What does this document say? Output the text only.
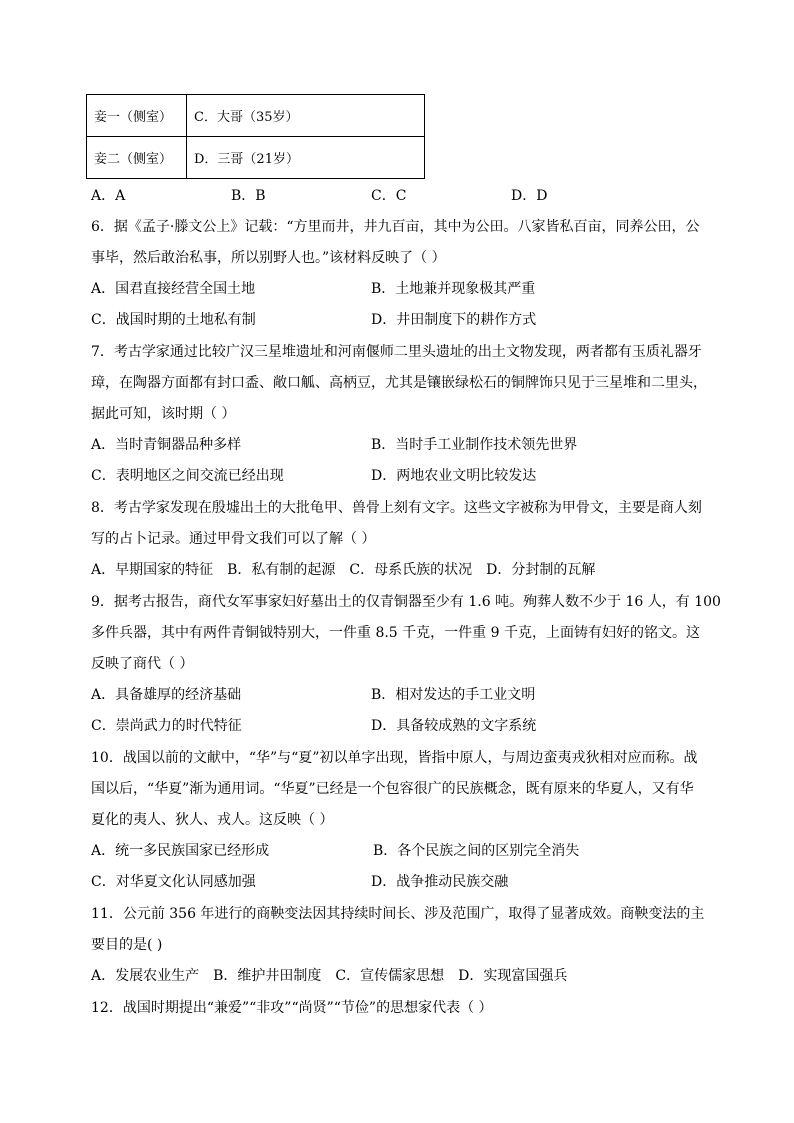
妾一（侧室）	C．大哥（35岁）
妾二（侧室）	D．三哥（21岁）
A．A	B．B	C．C	D．D
6．据《孟子·滕文公上》记载：“方里而井，井九百亩，其中为公田。八家皆私百亩，同养公田，公
事毕，然后敢治私事，所以别野人也。”该材料反映了（ ）
A．国君直接经营全国土地	B．土地兼并现象极其严重
C．战国时期的土地私有制	D．井田制度下的耕作方式
7．考古学家通过比较广汉三星堆遗址和河南偃师二里头遗址的出土文物发现，两者都有玉质礼器牙
璋，在陶器方面都有封口盉、敞口觚、高柄豆，尤其是镶嵌绿松石的铜牌饰只见于三星堆和二里头，
据此可知，该时期（ ）
A．当时青铜器品种多样	B．当时手工业制作技术领先世界
C．表明地区之间交流已经出现	D．两地农业文明比较发达
8．考古学家发现在殷墟出土的大批龟甲、兽骨上刻有文字。这些文字被称为甲骨文，主要是商人刻
写的占卜记录。通过甲骨文我们可以了解（ ）
A．早期国家的特征 B．私有制的起源 C．母系氏族的状况 D．分封制的瓦解
9．据考古报告，商代女军事家妇好墓出土的仅青铜器至少有 1.6 吨。殉葬人数不少于 16 人，有 100
多件兵器，其中有两件青铜钺特别大，一件重 8.5 千克，一件重 9 千克，上面铸有妇好的铭文。这
反映了商代（ ）
A．具备雄厚的经济基础	B．相对发达的手工业文明
C．崇尚武力的时代特征	D．具备较成熟的文字系统
10．战国以前的文献中，“华”与“夏”初以单字出现，皆指中原人，与周边蛮夷戎狄相对应而称。战
国以后，“华夏”渐为通用词。“华夏”已经是一个包容很广的民族概念，既有原来的华夏人，又有华
夏化的夷人、狄人、戎人。这反映（ ）
A．统一多民族国家已经形成	B．各个民族之间的区别完全消失
C．对华夏文化认同感加强	D．战争推动民族交融
11．公元前 356 年进行的商鞅变法因其持续时间长、涉及范围广，取得了显著成效。商鞅变法的主
要目的是( )
A．发展农业生产 B．维护井田制度 C．宣传儒家思想 D．实现富国强兵
12．战国时期提出“兼爱”“非攻”“尚贤”“节俭”的思想家代表（ ）
